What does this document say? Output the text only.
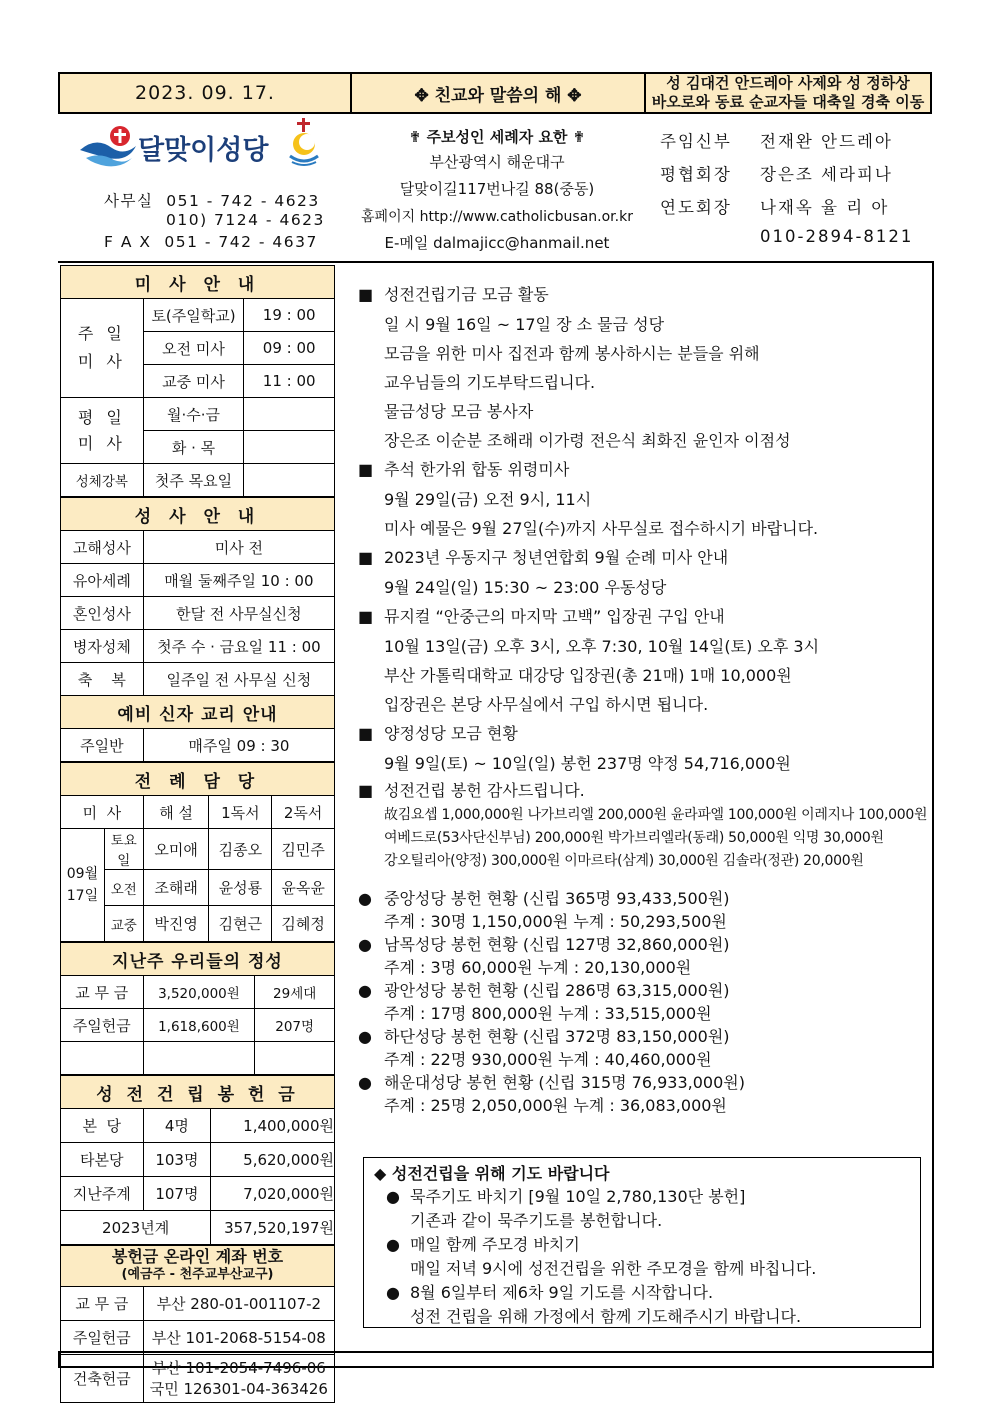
2023. 09. 17.	✥ 친교와 말씀의 해 ✥
성 김대건 안드레아 사제와 성 정하상
바오로와 동료 순교자들 대축일 경축 이동
달맞이성당
사무실  051 - 742 - 4623
010) 7124 - 4623
F A X  051 - 742 - 4637
✟ 주보성인 세례자 요한 ✟
부산광역시 해운대구
달맞이길117번나길 88(중동)
홈페이지 http://www.catholicbusan.or.kr
E-메일 dalmajicc@hanmail.net
주임신부	전재완 안드레아
평협회장	장은조 세라피나
연도회장	나재옥 율 리 아
010-2894-8121
미 사 안 내		
주 일
미 사	토(주일학교)	19 : 00
	오전 미사	09 : 00
	교중 미사	11 : 00
평 일
미 사	월·수·금	
	화 · 목	
성체강복	첫주 목요일	
성 사 안 내	
고해성사	미사 전
유아세례	매월 둘째주일 10 : 00
혼인성사	한달 전 사무실신청
병자성체	첫주 수 · 금요일 11 : 00
축    복	일주일 전 사무실 신청
예비 신자 교리 안내	
주일반	매주일 09 : 30
전 례 담 당				
미  사		해 설	1독서	2독서
09월
17일	토요일	오미애	김종오	김민주
	오전	조해래	윤성룡	윤옥윤
	교중	박진영	김현근	김혜정
지난주 우리들의 정성		
교 무 금	3,520,000원	29세대
주일헌금	1,618,600원	207명

성 전 건 립 봉 헌 금		
본  당	4명	1,400,000원
타본당	103명	5,620,000원
지난주계	107명	7,020,000원
2023년계		357,520,197원
봉헌금 온라인 계좌 번호
(예금주 - 천주교부산교구)	

교 무 금	부산 280-01-001107-2
주일헌금	부산 101-2068-5154-08
건축헌금	부산 101-2054-7496-06
국민 126301-04-363426
■ 성전건립기금 모금 활동
일 시 9월 16일 ~ 17일 장 소 물금 성당
모금을 위한 미사 집전과 함께 봉사하시는 분들을 위해
교우님들의 기도부탁드립니다.
물금성당 모금 봉사자
장은조 이순분 조해래 이가령 전은식 최화진 윤인자 이점성
■ 추석 한가위 합동 위령미사
9월 29일(금) 오전 9시, 11시
미사 예물은 9월 27일(수)까지 사무실로 접수하시기 바랍니다.
■ 2023년 우동지구 청년연합회 9월 순례 미사 안내
9월 24일(일) 15:30 ~ 23:00 우동성당
■ 뮤지컬 “안중근의 마지막 고백” 입장권 구입 안내
10월 13일(금) 오후 3시, 오후 7:30, 10월 14일(토) 오후 3시
부산 가톨릭대학교 대강당 입장권(총 21매) 1매 10,000원
입장권은 본당 사무실에서 구입 하시면 됩니다.
■ 양정성당 모금 현황
9월 9일(토) ~ 10일(일) 봉헌 237명 약정 54,716,000원
■ 성전건립 봉헌 감사드립니다.
故김요셉 1,000,000원 나가브리엘 200,000원 윤라파엘 100,000원 이레지나 100,000원
여베드로(53사단신부님) 200,000원 박가브리엘라(동래) 50,000원 익명 30,000원
강오틸리아(양정) 300,000원 이마르타(삼계) 30,000원 김솔라(정관) 20,000원
● 중앙성당 봉헌 현황 (신립 365명 93,433,500원)
주계 : 30명 1,150,000원 누계 : 50,293,500원
● 남목성당 봉헌 현황 (신립 127명 32,860,000원)
주계 : 3명 60,000원 누계 : 20,130,000원
● 광안성당 봉헌 현황 (신립 286명 63,315,000원)
주계 : 17명 800,000원 누계 : 33,515,000원
● 하단성당 봉헌 현황 (신립 372명 83,150,000원)
주계 : 22명 930,000원 누계 : 40,460,000원
● 해운대성당 봉헌 현황 (신립 315명 76,933,000원)
주계 : 25명 2,050,000원 누계 : 36,083,000원
◆ 성전건립을 위해 기도 바랍니다
● 묵주기도 바치기 [9월 10일 2,780,130단 봉헌]
기존과 같이 묵주기도를 봉헌합니다.
● 매일 함께 주모경 바치기
매일 저녁 9시에 성전건립을 위한 주모경을 함께 바칩니다.
● 8월 6일부터 제6차 9일 기도를 시작합니다.
성전 건립을 위해 가정에서 함께 기도해주시기 바랍니다.
